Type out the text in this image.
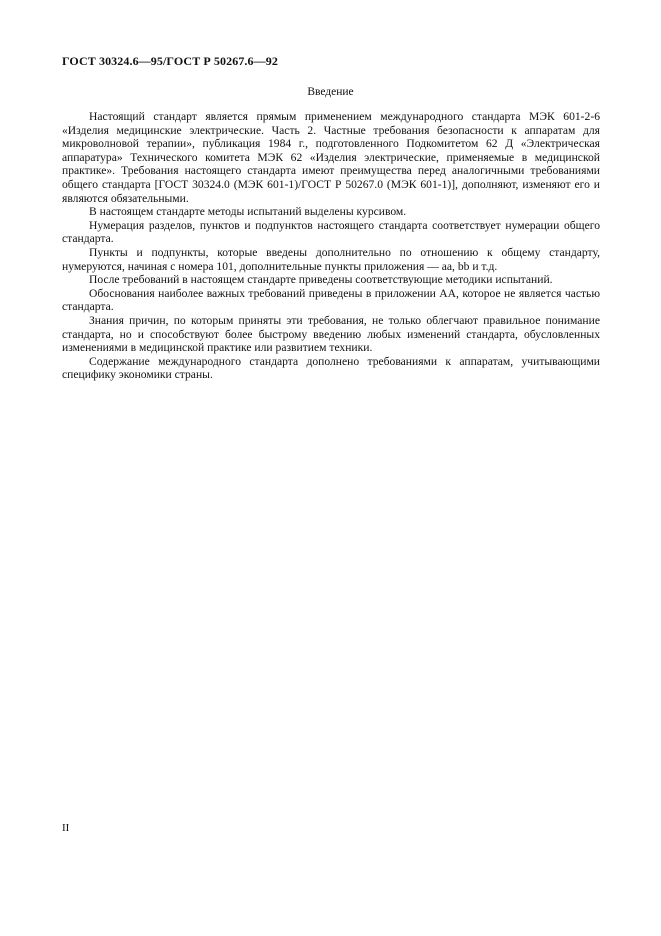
ГОСТ 30324.6—95/ГОСТ Р 50267.6—92
Введение

Настоящий стандарт является прямым применением международного стандарта МЭК 601-2-6 «Изделия медицинские электрические. Часть 2. Частные требования безопасности к аппаратам для микроволновой терапии», публикация 1984 г., подготовленного Подкомитетом 62 Д «Электрическая аппаратура» Технического комитета МЭК 62 «Изделия электрические, применяемые в медицинской практике». Требования настоящего стандарта имеют преимущества перед аналогичными требованиями общего стандарта [ГОСТ 30324.0 (МЭК 601-1)/ГОСТ Р 50267.0 (МЭК 601-1)], дополняют, изменяют его и являются обязательными.

В настоящем стандарте методы испытаний выделены курсивом.

Нумерация разделов, пунктов и подпунктов настоящего стандарта соответствует нумерации общего стандарта.

Пункты и подпункты, которые введены дополнительно по отношению к общему стандарту, нумеруются, начиная с номера 101, дополнительные пункты приложения — аа, bb и т.д.

После требований в настоящем стандарте приведены соответствующие методики испытаний.

Обоснования наиболее важных требований приведены в приложении АА, которое не является частью стандарта.

Знания причин, по которым приняты эти требования, не только облегчают правильное понимание стандарта, но и способствуют более быстрому введению любых изменений стандарта, обусловленных изменениями в медицинской практике или развитием техники.

Содержание международного стандарта дополнено требованиями к аппаратам, учитывающими специфику экономики страны.

II
